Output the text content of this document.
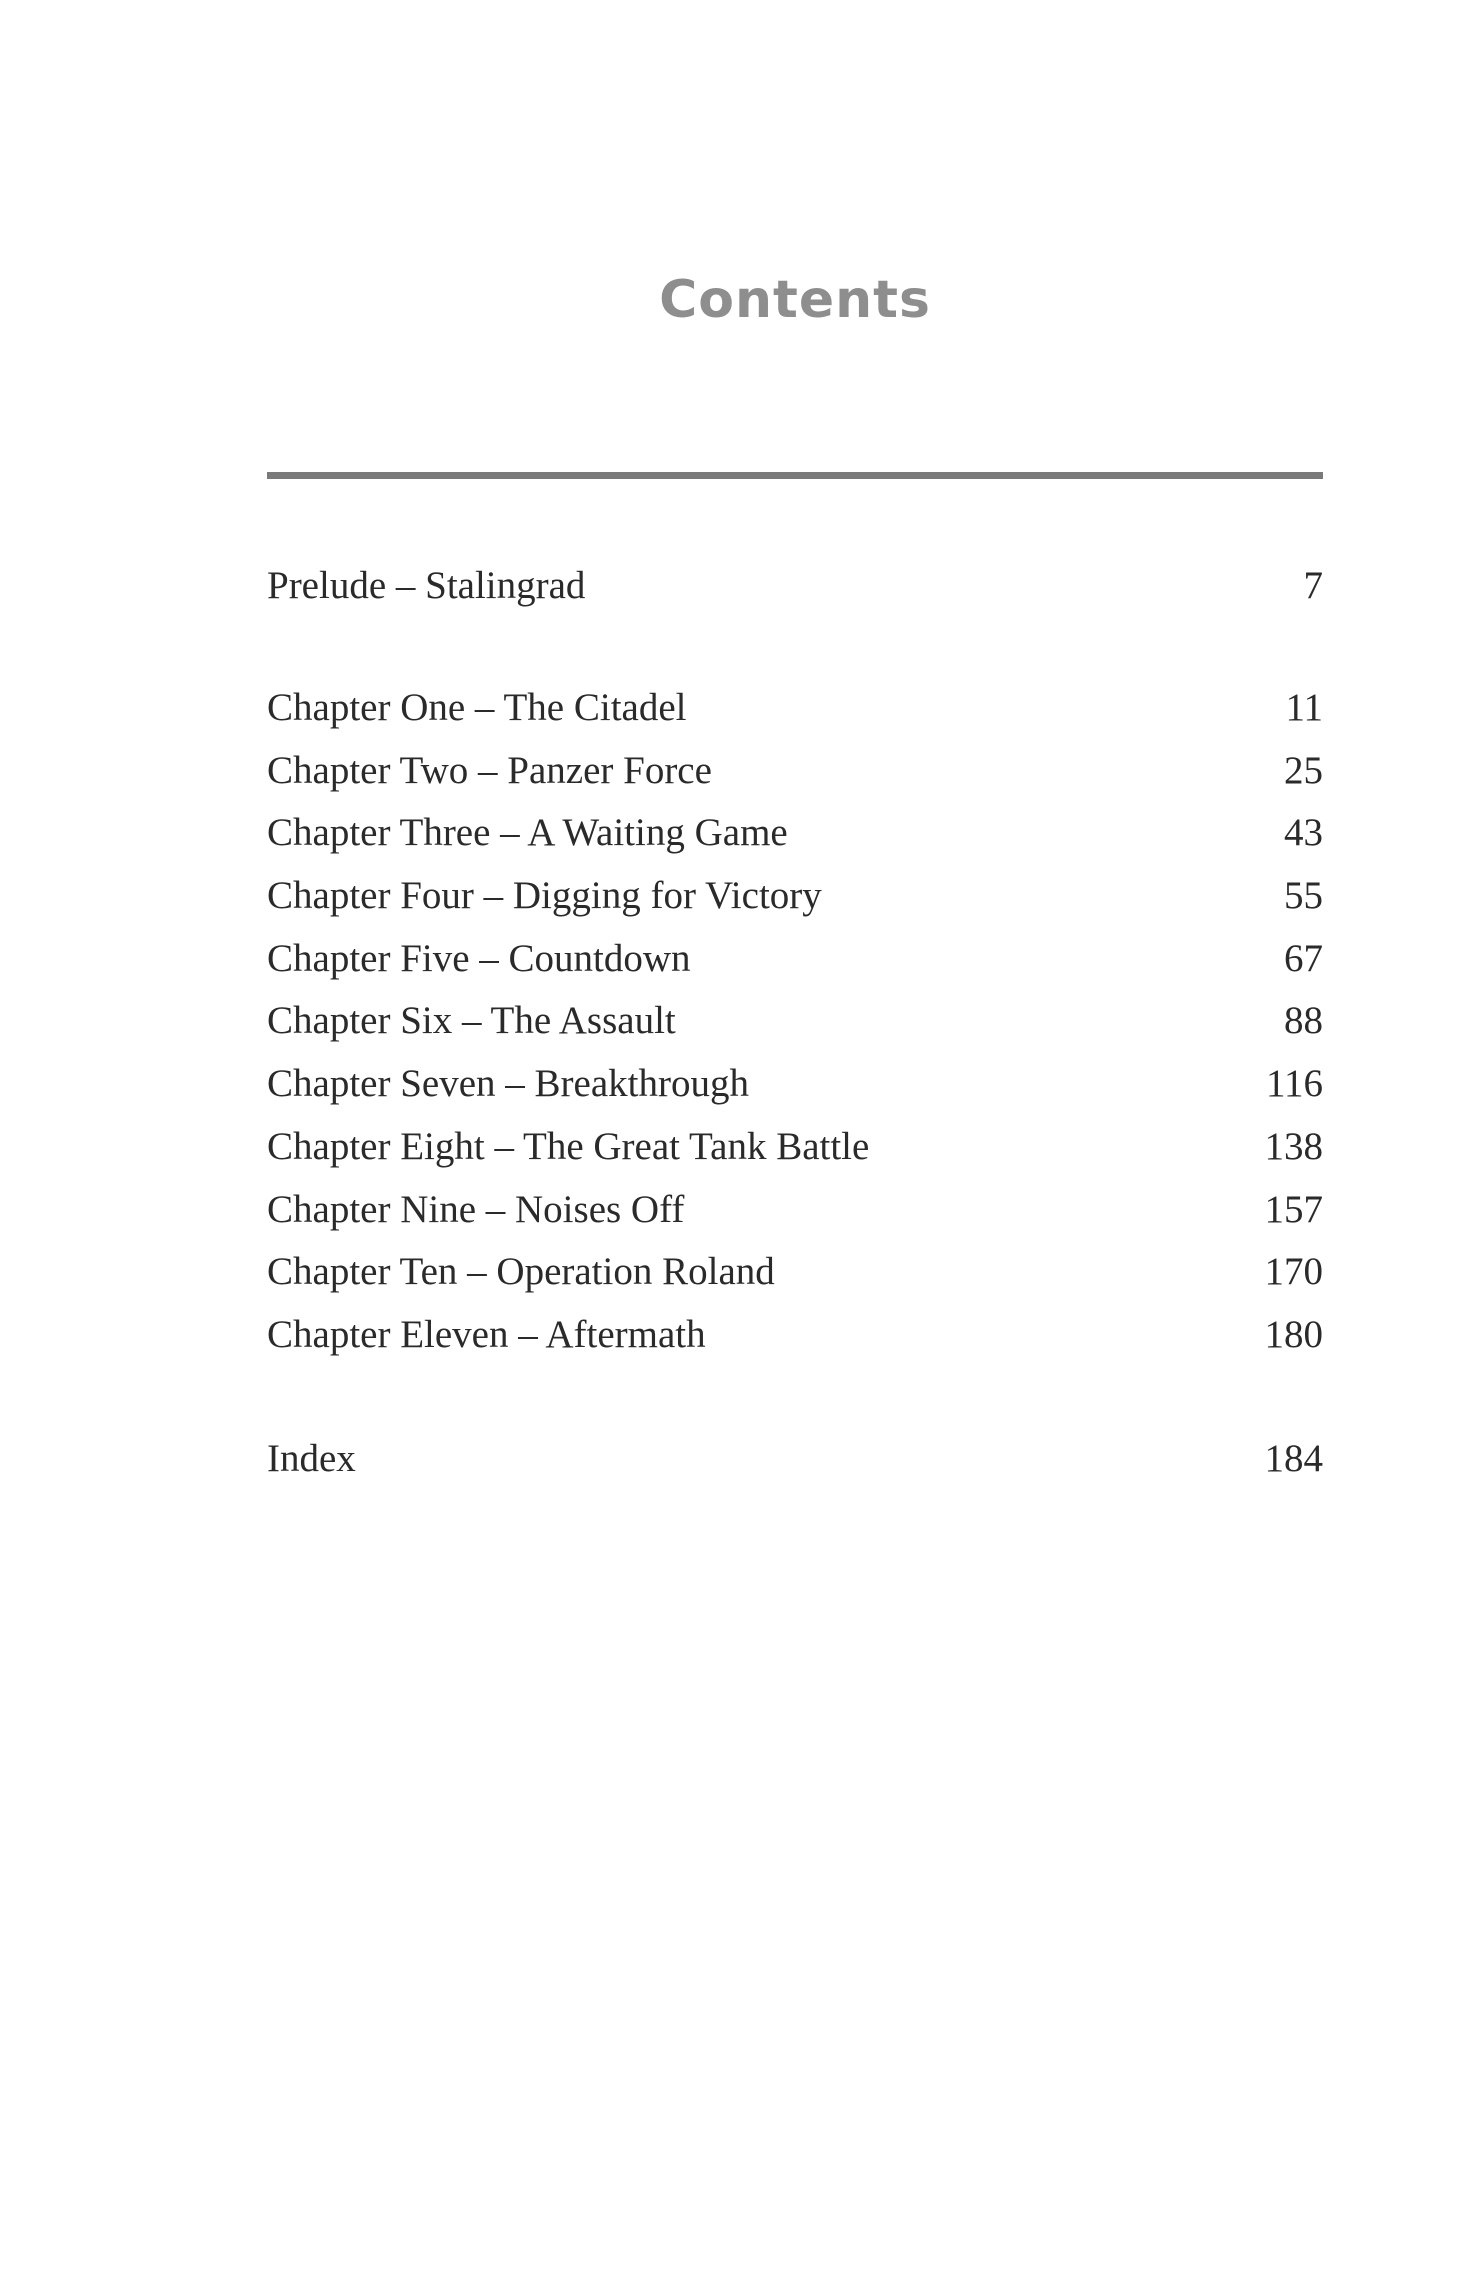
Contents
Prelude – Stalingrad	7
Chapter One – The Citadel	11
Chapter Two – Panzer Force	25
Chapter Three – A Waiting Game	43
Chapter Four – Digging for Victory	55
Chapter Five – Countdown	67
Chapter Six – The Assault	88
Chapter Seven – Breakthrough	116
Chapter Eight – The Great Tank Battle	138
Chapter Nine – Noises Off	157
Chapter Ten – Operation Roland	170
Chapter Eleven – Aftermath	180
Index	184
